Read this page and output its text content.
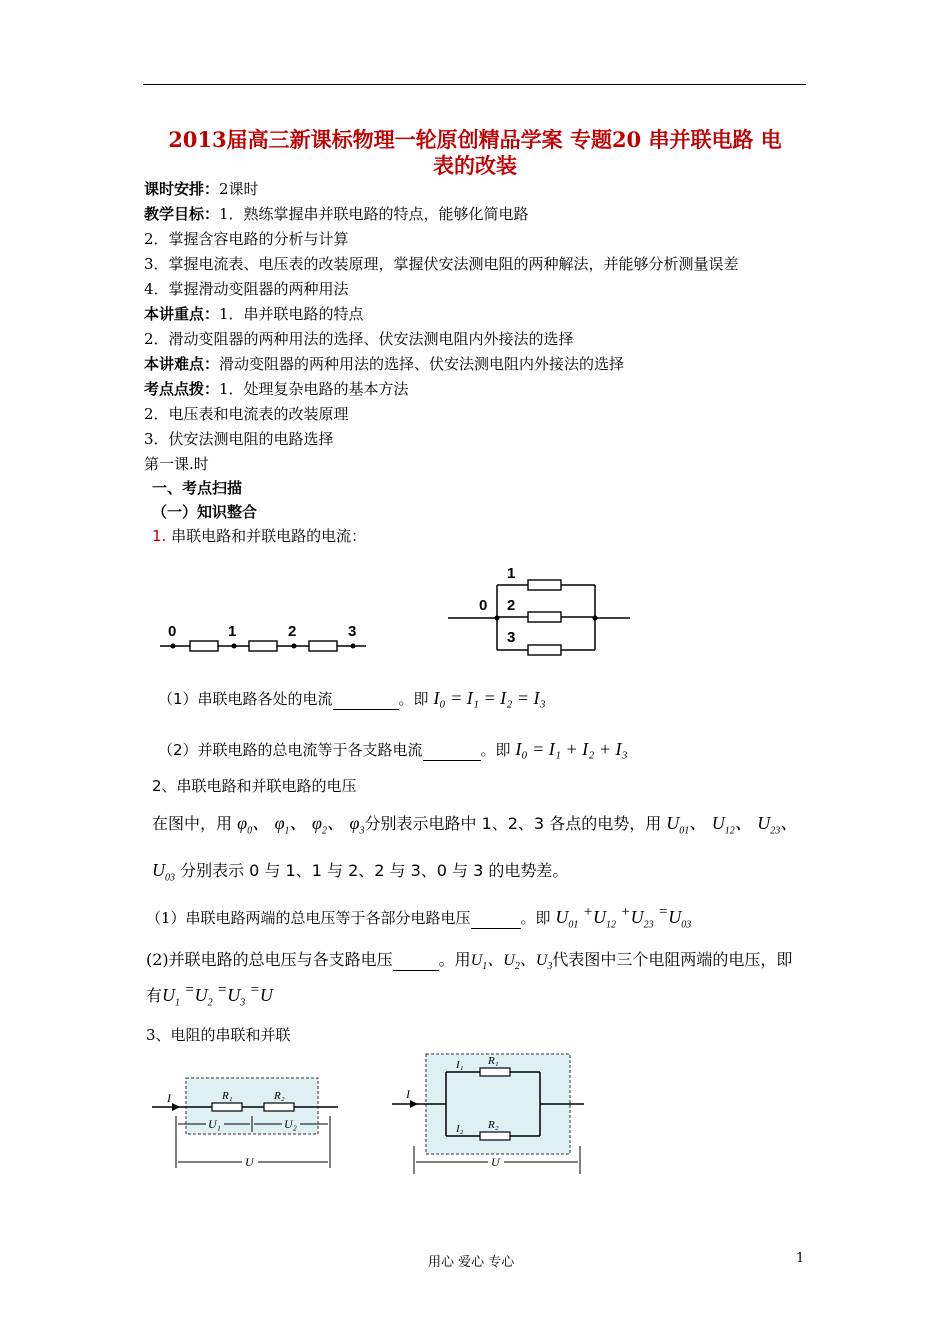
2013届高三新课标物理一轮原创精品学案 专题20 串并联电路 电
表的改装
课时安排：2课时
教学目标：1．熟练掌握串并联电路的特点，能够化简电路
2．掌握含容电路的分析与计算
3．掌握电流表、电压表的改装原理，掌握伏安法测电阻的两种解法，并能够分析测量误差
4．掌握滑动变阻器的两种用法
本讲重点：1．串并联电路的特点
2．滑动变阻器的两种用法的选择、伏安法测电阻内外接法的选择
本讲难点：滑动变阻器的两种用法的选择、伏安法测电阻内外接法的选择
考点点拨：1．处理复杂电路的基本方法
2．电压表和电流表的改装原理
3．伏安法测电阻的电路选择
第一课.时
一、考点扫描
（一）知识整合
1. 串联电路和并联电路的电流：
0	1	2	3
0
1
2
3
（1）串联电路各处的电流	。即 I₀ = I₁ = I₂ = I₃
（2）并联电路的总电流等于各支路电流	。即 I₀ = I₁ + I₂ + I₃
2、串联电路和并联电路的电压
在图中，用 $\varphi_0$、 $\varphi_1$、 $\varphi_2$、 $\varphi_3$分别表示电路中 1、2、3 各点的电势，用 $U_{01}$、 $U_{12}$、 $U_{23}$、
$U_{03}$ 分别表示 0 与 1、1 与 2、2 与 3、0 与 3 的电势差。
（1）串联电路两端的总电压等于各部分电路电压	。即 $U_{01}$ $^+U_{12}$ $^+U_{23}$ $^=U_{03}$
(2)并联电路的总电压与各支路电压	。用$U_1$、$U_2$、$U_3$代表图中三个电阻两端的电压，即
有$U_1$ $^=U_2$ $^=U_3$ =U
3、电阻的串联和并联
I	R₁	R₂
U₁	U₂
U
I
I₁
I₂
R₁
R₂
U
用心 爱心 专心	1
